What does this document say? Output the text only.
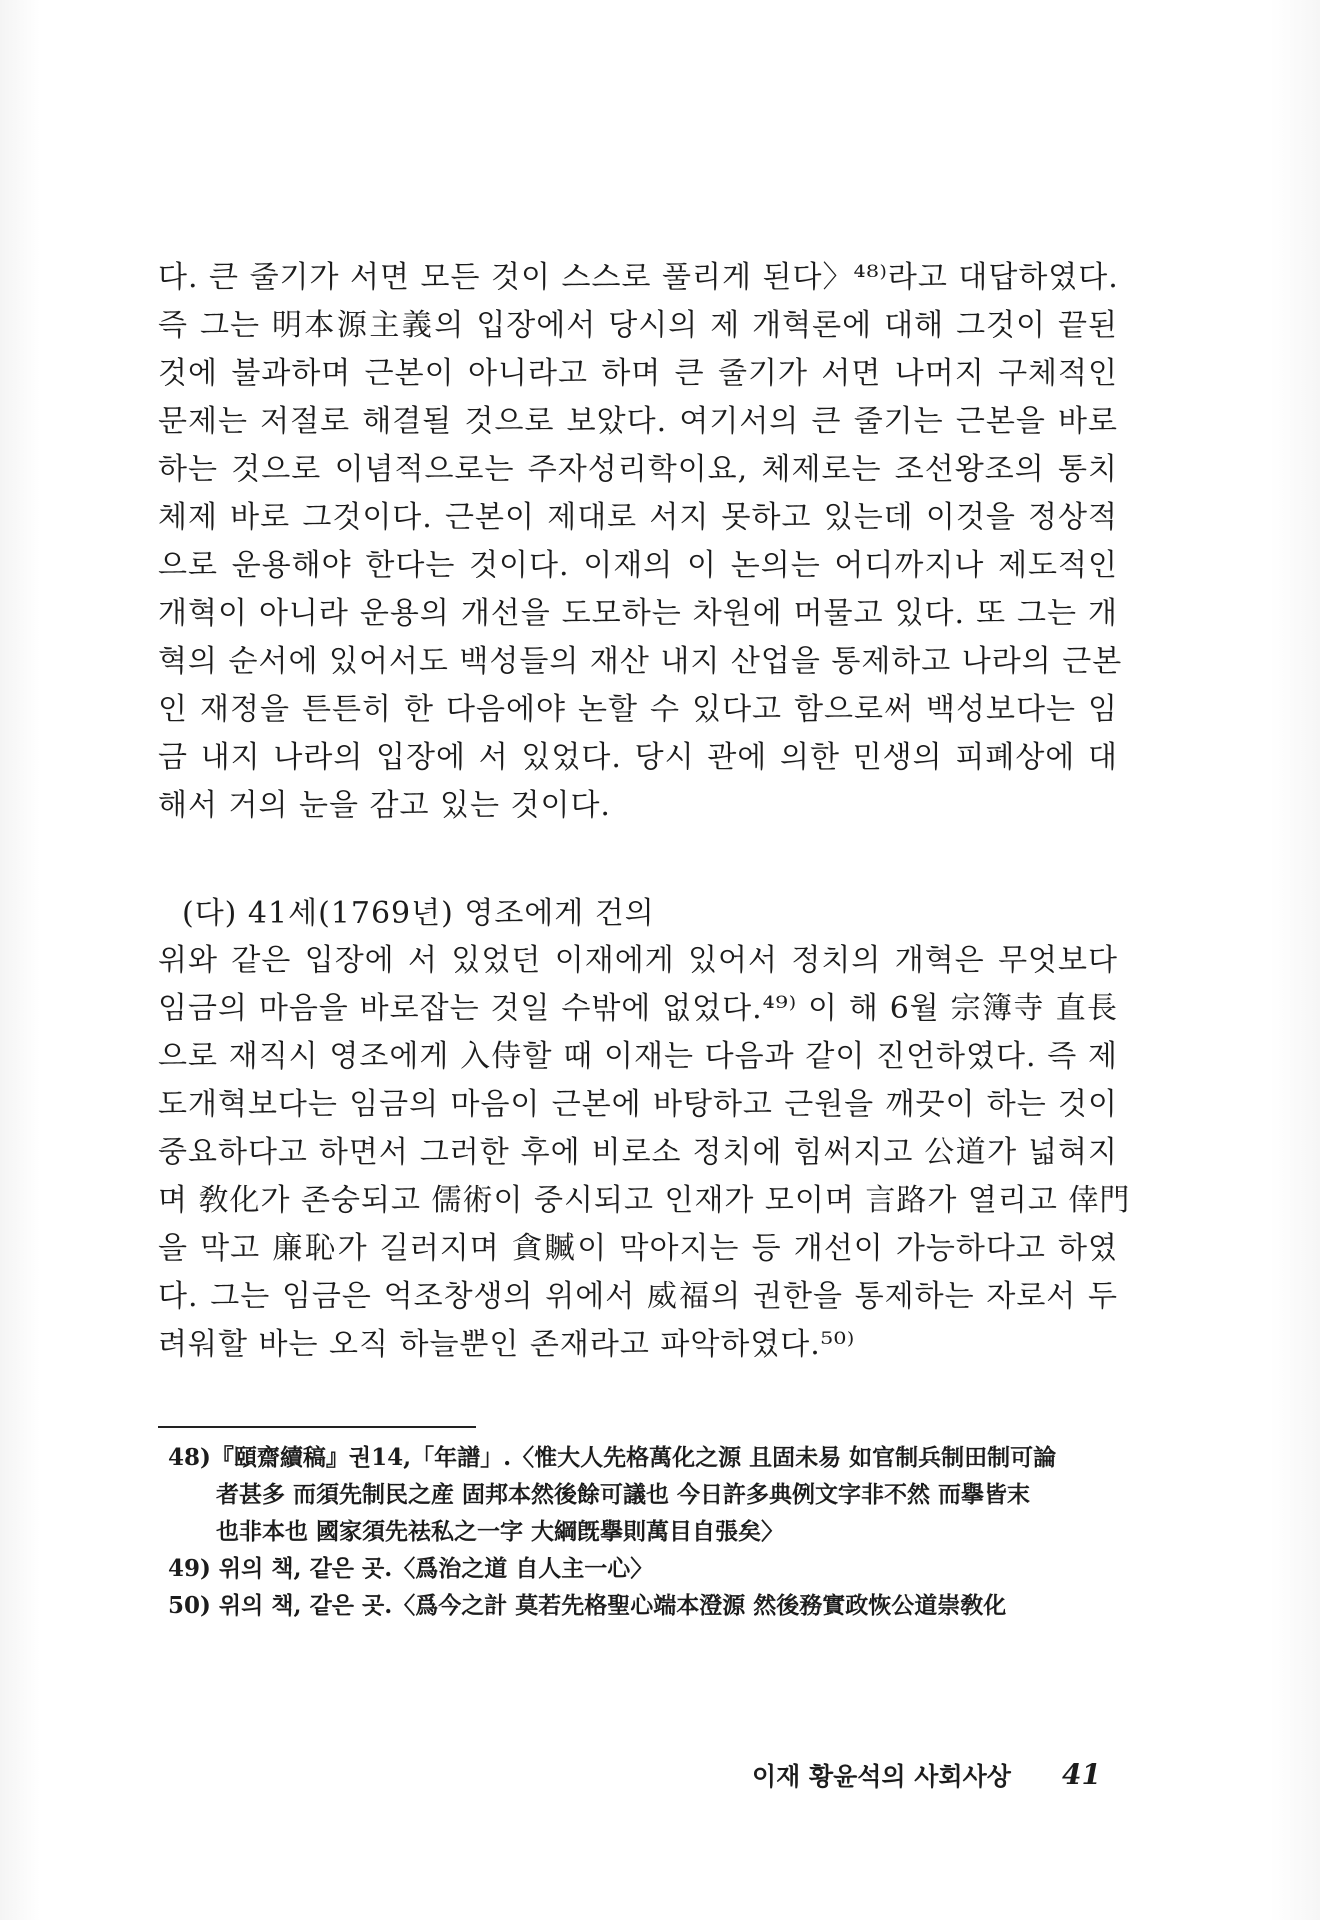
다. 큰 줄기가 서면 모든 것이 스스로 풀리게 된다〉⁴⁸⁾라고 대답하였다.
즉 그는 明本源主義의 입장에서 당시의 제 개혁론에 대해 그것이 끝된
것에 불과하며 근본이 아니라고 하며 큰 줄기가 서면 나머지 구체적인
문제는 저절로 해결될 것으로 보았다. 여기서의 큰 줄기는 근본을 바로
하는 것으로 이념적으로는 주자성리학이요, 체제로는 조선왕조의 통치
체제 바로 그것이다. 근본이 제대로 서지 못하고 있는데 이것을 정상적
으로 운용해야 한다는 것이다. 이재의 이 논의는 어디까지나 제도적인
개혁이 아니라 운용의 개선을 도모하는 차원에 머물고 있다. 또 그는 개
혁의 순서에 있어서도 백성들의 재산 내지 산업을 통제하고 나라의 근본
인 재정을 튼튼히 한 다음에야 논할 수 있다고 함으로써 백성보다는 임
금 내지 나라의 입장에 서 있었다. 당시 관에 의한 민생의 피폐상에 대
해서 거의 눈을 감고 있는 것이다.
(다) 41세(1769년) 영조에게 건의
위와 같은 입장에 서 있었던 이재에게 있어서 정치의 개혁은 무엇보다
임금의 마음을 바로잡는 것일 수밖에 없었다.⁴⁹⁾ 이 해 6월 宗簿寺 直長
으로 재직시 영조에게 入侍할 때 이재는 다음과 같이 진언하였다. 즉 제
도개혁보다는 임금의 마음이 근본에 바탕하고 근원을 깨끗이 하는 것이
중요하다고 하면서 그러한 후에 비로소 정치에 힘써지고 公道가 넓혀지
며 敎化가 존숭되고 儒術이 중시되고 인재가 모이며 言路가 열리고 倖門
을 막고 廉恥가 길러지며 貪贓이 막아지는 등 개선이 가능하다고 하였
다. 그는 임금은 억조창생의 위에서 威福의 권한을 통제하는 자로서 두
려워할 바는 오직 하늘뿐인 존재라고 파악하였다.⁵⁰⁾
48)『頤齋續稿』권14,「年譜」.〈惟大人先格萬化之源 且固未易 如官制兵制田制可論
者甚多 而須先制民之産 固邦本然後餘可議也 今日許多典例文字非不然 而擧皆末
也非本也 國家須先祛私之一字 大綱旣擧則萬目自張矣〉
49) 위의 책, 같은 곳.〈爲治之道 自人主一心〉
50) 위의 책, 같은 곳.〈爲今之計 莫若先格聖心端本澄源 然後務實政恢公道崇敎化
이재 황윤석의 사회사상 41
